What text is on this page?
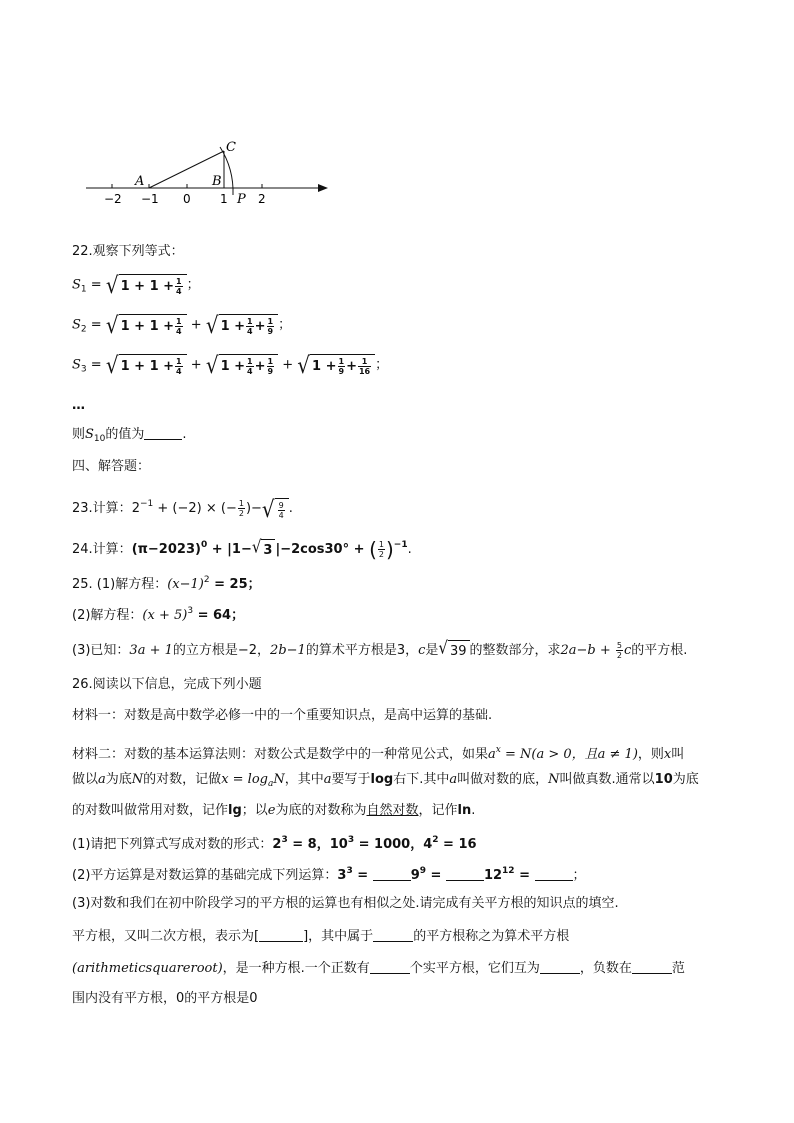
A	B
C
P
−2 −1 0 1	2
22.观察下列等式：
$S_1$ = √ $1 + 1 + \frac{1}{4}$ ；
$S_2$ = √ $1 + 1 + \frac{1}{4}$ + √ $1 + \frac{1}{4} + \frac{1}{9}$ ；
$S_3$ = √ $1 + 1 + \frac{1}{4}$ + √ $1 + \frac{1}{4} + \frac{1}{9}$ + √ $1 + \frac{1}{9} + \frac{1}{16}$ ；
…
则$S_{10}$的值为	.
四、解答题：
23.计算：$2^{-1} + (-2)$ × (− $\frac{1}{2}$ )− √ $\frac{9}{4}$ .
24.计算：$(\pi-2023)^0 + |1-$ √ 3 |−2cos30° + ( $\frac{1}{2} )^{-1}$.
25. (1)解方程：$(x-1)^2 = 25$；
(2)解方程：$(x + 5)^3 = 64$；
(3)已知：3a + 1的立方根是−2，2b−1的算术平方根是3，c是 √ 39 的整数部分，求$2a-b + \frac{5}{2}$ c的平方根.
26.阅读以下信息，完成下列小题
材料一：对数是高中数学必修一中的一个重要知识点，是高中运算的基础.
材料二：对数的基本运算法则：对数公式是数学中的一种常见公式，如果$a^x = N(a > 0$，且a ≠ 1)，则x叫
做以a为底N的对数，记做$x = \log_aN$，其中a要写于log右下.其中a叫做对数的底，N叫做真数.通常以10为底
的对数叫做常用对数，记作lg；以e为底的对数称为自然对数，记作ln.
(1)请把下列算式写成对数的形式：$2^3 = 8$，$10^3 = 1000$，$4^2 = 16$
(2)平方运算是对数运算的基础完成下列运算：$3^3$ =	$9^9$ =	$12^{12}$ =	；
(3)对数和我们在初中阶段学习的平方根的运算也有相似之处.请完成有关平方根的知识点的填空.
平方根，又叫二次方根，表示为[	]，其中属于	的平方根称之为算术平方根
(arithmeticsquareroot)，是一种方根.一个正数有	个实平方根，它们互为	，负数在	范
围内没有平方根，0的平方根是0
